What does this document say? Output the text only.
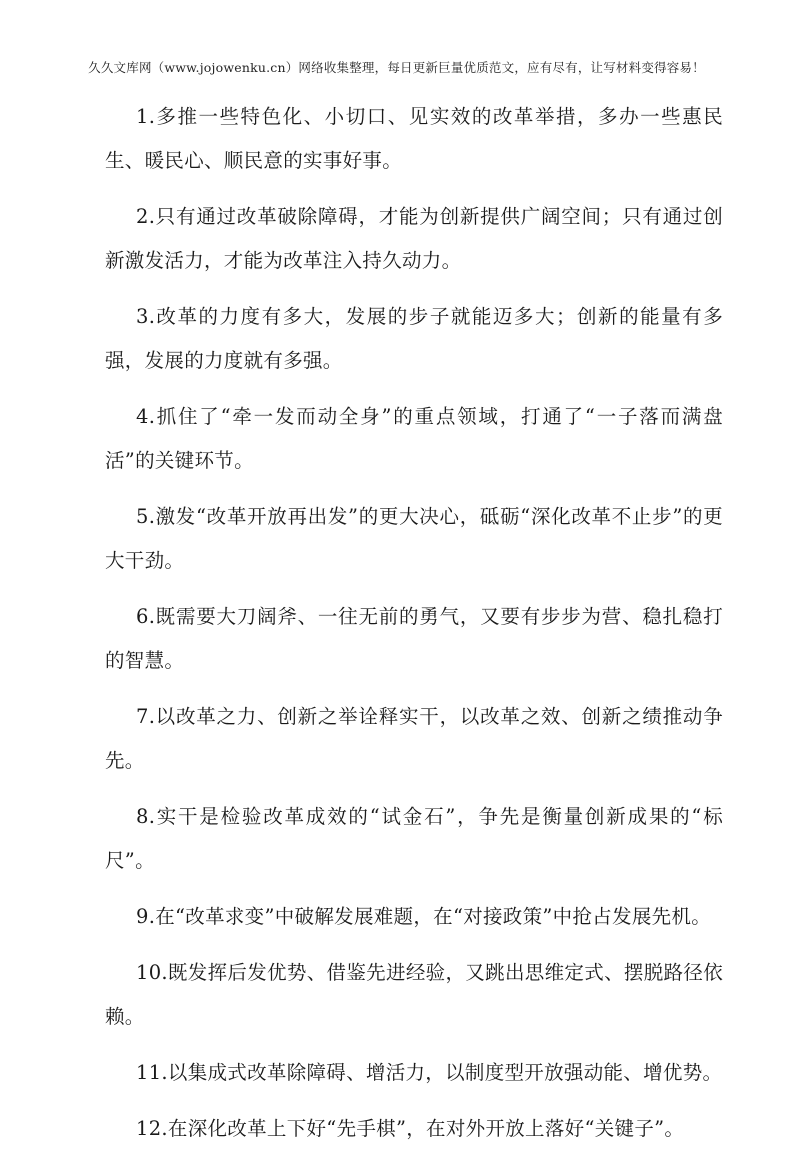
久久文库网（www.jojowenku.cn）网络收集整理，每日更新巨量优质范文，应有尽有，让写材料变得容易！

1.多推一些特色化、小切口、见实效的改革举措，多办一些惠民生、暖民心、顺民意的实事好事。

2.只有通过改革破除障碍，才能为创新提供广阔空间；只有通过创新激发活力，才能为改革注入持久动力。

3.改革的力度有多大，发展的步子就能迈多大；创新的能量有多强，发展的力度就有多强。

4.抓住了“牵一发而动全身”的重点领域，打通了“一子落而满盘活”的关键环节。

5.激发“改革开放再出发”的更大决心，砥砺“深化改革不止步”的更大干劲。

6.既需要大刀阔斧、一往无前的勇气，又要有步步为营、稳扎稳打的智慧。

7.以改革之力、创新之举诠释实干，以改革之效、创新之绩推动争先。

8.实干是检验改革成效的“试金石”，争先是衡量创新成果的“标尺”。

9.在“改革求变”中破解发展难题，在“对接政策”中抢占发展先机。

10.既发挥后发优势、借鉴先进经验，又跳出思维定式、摆脱路径依赖。

11.以集成式改革除障碍、增活力，以制度型开放强动能、增优势。

12.在深化改革上下好“先手棋”，在对外开放上落好“关键子”。
